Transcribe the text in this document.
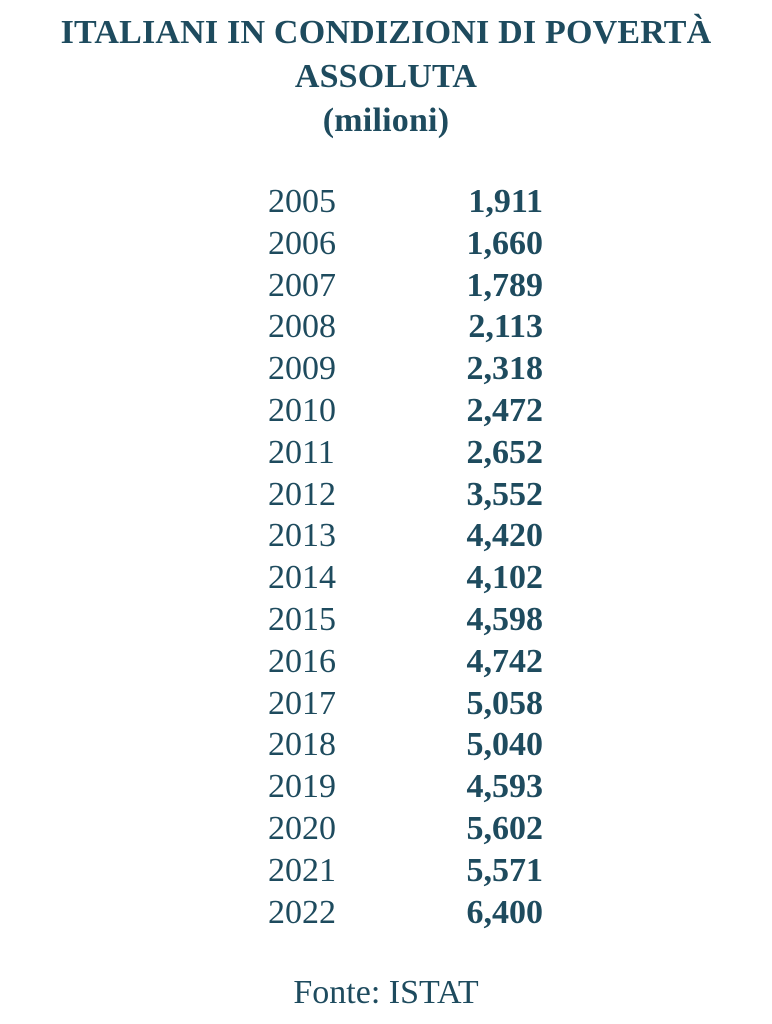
ITALIANI IN CONDIZIONI DI POVERTÀ
ASSOLUTA
(milioni)
2005	1,911
2006	1,660
2007	1,789
2008	2,113
2009	2,318
2010	2,472
2011	2,652
2012	3,552
2013	4,420
2014	4,102
2015	4,598
2016	4,742
2017	5,058
2018	5,040
2019	4,593
2020	5,602
2021	5,571
2022	6,400
Fonte: ISTAT
